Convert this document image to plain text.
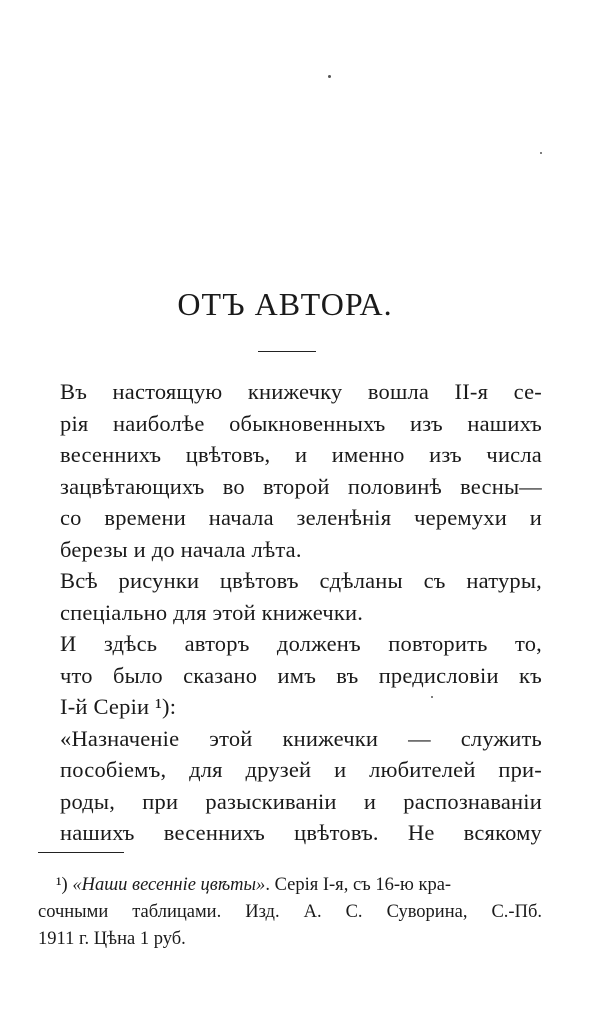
ОТЪ АВТОРА.

Въ настоящую книжечку вошла II-я се-
рія наиболѣе обыкновенныхъ изъ нашихъ
весеннихъ цвѣтовъ, и именно изъ числа
зацвѣтающихъ во второй половинѣ весны—
со времени начала зеленѣнія черемухи и
березы и до начала лѣта.

Всѣ рисунки цвѣтовъ сдѣланы съ натуры,
спеціально для этой книжечки.

И здѣсь авторъ долженъ повторить то,
что было сказано имъ въ предисловіи къ
I-й Серіи ¹):

«Назначеніе этой книжечки — служить
пособіемъ, для друзей и любителей при-
роды, при разыскиваніи и распознаваніи
нашихъ весеннихъ цвѣтовъ. Не всякому

¹) «Наши весенніе цвѣты». Серія I-я, съ 16-ю кра-
сочными таблицами. Изд. А. С. Суворина, С.-Пб.
1911 г. Цѣна 1 руб.
